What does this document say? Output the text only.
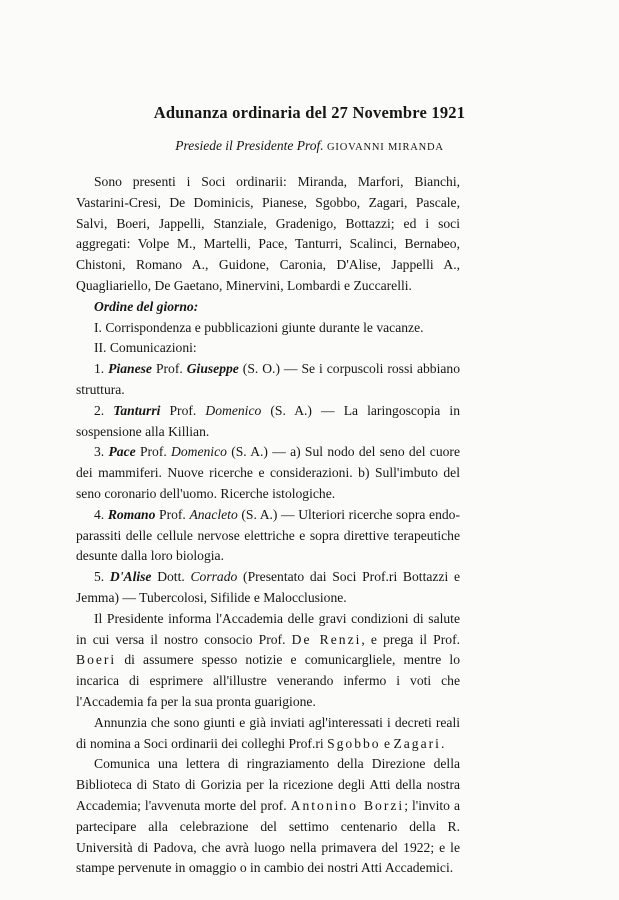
Adunanza ordinaria del 27 Novembre 1921
Presiede il Presidente Prof. GIOVANNI MIRANDA

Sono presenti i Soci ordinarii: Miranda, Marfori, Bianchi, Vastarini-Cresi, De Dominicis, Pianese, Sgobbo, Zagari, Pascale, Salvi, Boeri, Jappelli, Stanziale, Gradenigo, Bottazzi; ed i soci aggregati: Volpe M., Martelli, Pace, Tanturri, Scalinci, Bernabeo, Chistoni, Romano A., Guidone, Caronia, D'Alise, Jappelli A., Quagliariello, De Gaetano, Minervini, Lombardi e Zuccarelli.

Ordine del giorno:

I. Corrispondenza e pubblicazioni giunte durante le vacanze.

II. Comunicazioni:

1. Pianese Prof. Giuseppe (S. O.) — Se i corpuscoli rossi abbiano struttura.

2. Tanturri Prof. Domenico (S. A.) — La laringoscopia in sospensione alla Killian.

3. Pace Prof. Domenico (S. A.) — a) Sul nodo del seno del cuore dei mammiferi. Nuove ricerche e considerazioni. b) Sull'imbuto del seno coronario dell'uomo. Ricerche istologiche.

4. Romano Prof. Anacleto (S. A.) — Ulteriori ricerche sopra endo-parassiti delle cellule nervose elettriche e sopra direttive terapeutiche desunte dalla loro biologia.

5. D'Alise Dott. Corrado (Presentato dai Soci Prof.ri Bottazzi e Jemma) — Tubercolosi, Sifilide e Malocclusione.

Il Presidente informa l'Accademia delle gravi condizioni di salute in cui versa il nostro consocio Prof. De Renzi, e prega il Prof. Boeri di assumere spesso notizie e comunicargliele, mentre lo incarica di esprimere all'illustre venerando infermo i voti che l'Accademia fa per la sua pronta guarigione.

Annunzia che sono giunti e già inviati agl'interessati i decreti reali di nomina a Soci ordinarii dei colleghi Prof.ri Sgobbo e Zagari.

Comunica una lettera di ringraziamento della Direzione della Biblioteca di Stato di Gorizia per la ricezione degli Atti della nostra Accademia; l'avvenuta morte del prof. Antonino Borzi; l'invito a partecipare alla celebrazione del settimo centenario della R. Università di Padova, che avrà luogo nella primavera del 1922; e le stampe pervenute in omaggio o in cambio dei nostri Atti Accademici.
